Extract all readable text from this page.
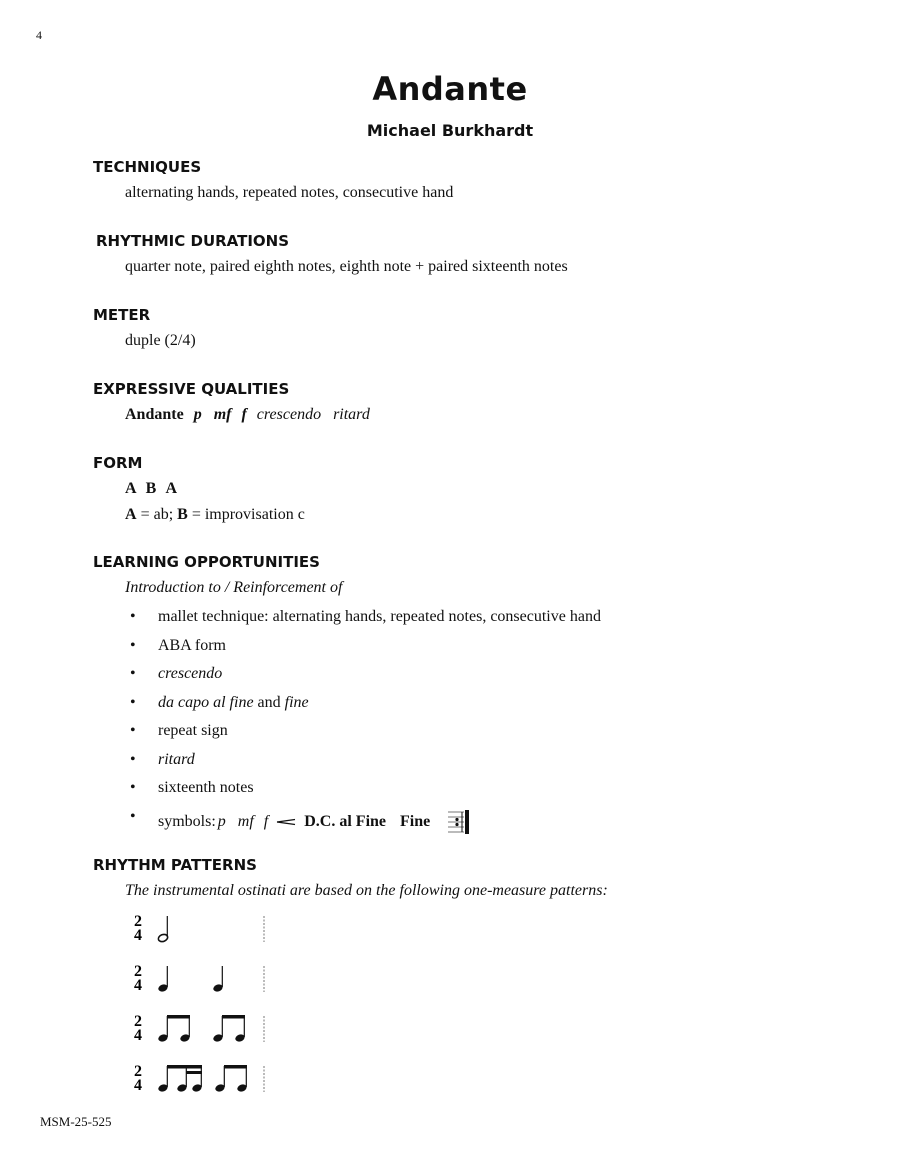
4
Andante
Michael Burkhardt
TECHNIQUES
alternating hands, repeated notes, consecutive hand
RHYTHMIC DURATIONS
quarter note, paired eighth notes, eighth note + paired sixteenth notes
METER
duple (2/4)
EXPRESSIVE QUALITIES
Andante p mf f crescendo ritard
FORM
A B A
A = ab; B = improvisation c
LEARNING OPPORTUNITIES
Introduction to / Reinforcement of
• mallet technique: alternating hands, repeated notes, consecutive hand
• ABA form
• crescendo
• da capo al fine and fine
• repeat sign
• ritard
• sixteenth notes
• symbols: p mf f D.C. al Fine Fine
RHYTHM PATTERNS
The instrumental ostinati are based on the following one-measure patterns:
2
4
2
4
2
4
2
4
MSM-25-525
